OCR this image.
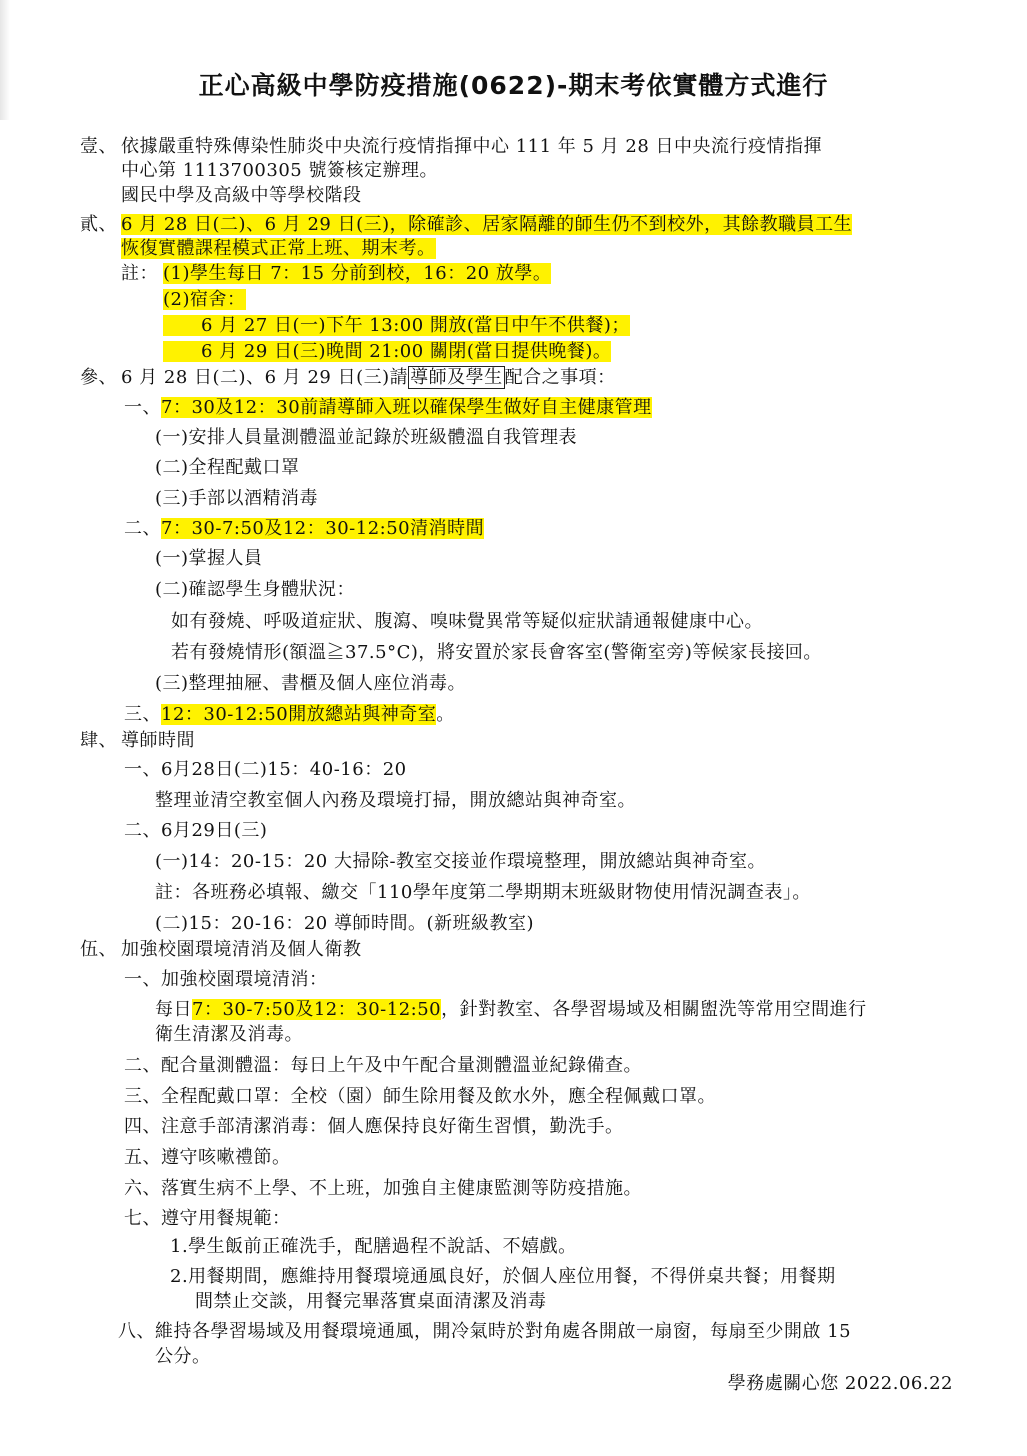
正心高級中學防疫措施(0622)-期末考依實體方式進行
壹、 依據嚴重特殊傳染性肺炎中央流行疫情指揮中心 111 年 5 月 28 日中央流行疫情指揮
中心第 1113700305 號簽核定辦理。
國民中學及高級中等學校階段
貳、 6 月 28 日(二)、6 月 29 日(三)，除確診、居家隔離的師生仍不到校外，其餘教職員工生
恢復實體課程模式正常上班、期末考。
註： (1)學生每日 7：15 分前到校，16：20 放學。
(2)宿舍：
6 月 27 日(一)下午 13:00 開放(當日中午不供餐)；
6 月 29 日(三)晚間 21:00 關閉(當日提供晚餐)。
參、 6 月 28 日(二)、6 月 29 日(三)請 導師及學生 配合之事項：
一、7：30及12：30前請導師入班以確保學生做好自主健康管理
(一)安排人員量測體溫並記錄於班級體溫自我管理表
(二)全程配戴口罩
(三)手部以酒精消毒
二、7：30-7:50及12：30-12:50清消時間
(一)掌握人員
(二)確認學生身體狀況：
如有發燒、呼吸道症狀、腹瀉、嗅味覺異常等疑似症狀請通報健康中心。
若有發燒情形(額溫≧37.5°C)，將安置於家長會客室(警衛室旁)等候家長接回。
(三)整理抽屜、書櫃及個人座位消毒。
三、12：30-12:50開放總站與神奇室。
肆、 導師時間
一、6月28日(二)15：40-16：20
整理並清空教室個人內務及環境打掃，開放總站與神奇室。
二、6月29日(三)
(一)14：20-15：20 大掃除-教室交接並作環境整理，開放總站與神奇室。
註：各班務必填報、繳交「110學年度第二學期期末班級財物使用情況調查表」。
(二)15：20-16：20 導師時間。(新班級教室)
伍、 加強校園環境清消及個人衛教
一、加強校園環境清消：
每日7：30-7:50及12：30-12:50，針對教室、各學習場域及相關盥洗等常用空間進行
衛生清潔及消毒。
二、配合量測體溫：每日上午及中午配合量測體溫並紀錄備查。
三、全程配戴口罩：全校（園）師生除用餐及飲水外，應全程佩戴口罩。
四、注意手部清潔消毒：個人應保持良好衛生習慣，勤洗手。
五、遵守咳嗽禮節。
六、落實生病不上學、不上班，加強自主健康監測等防疫措施。
七、遵守用餐規範：
1.學生飯前正確洗手，配膳過程不說話、不嬉戲。
2.用餐期間，應維持用餐環境通風良好，於個人座位用餐，不得併桌共餐；用餐期
間禁止交談，用餐完畢落實桌面清潔及消毒
八、維持各學習場域及用餐環境通風，開冷氣時於對角處各開啟一扇窗，每扇至少開啟 15
公分。
學務處關心您 2022.06.22
